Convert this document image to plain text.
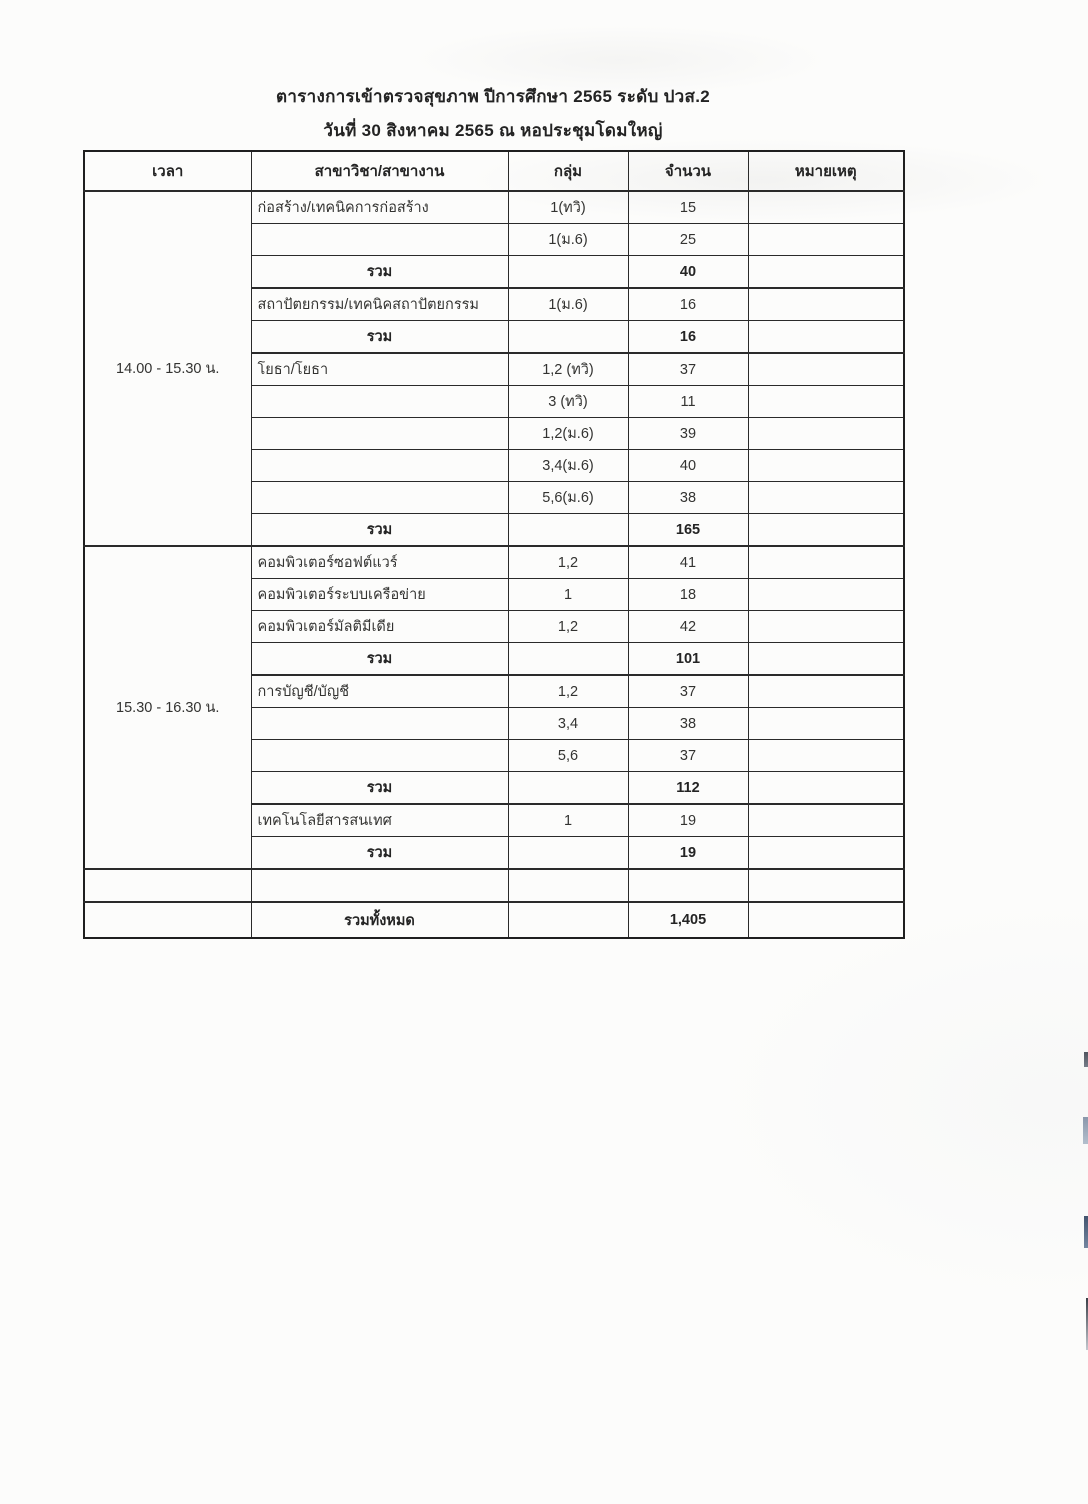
ตารางการเข้าตรวจสุขภาพ ปีการศึกษา 2565 ระดับ ปวส.2
วันที่ 30 สิงหาคม 2565 ณ หอประชุมโดมใหญ่
เวลา	สาขาวิชา/สาขางาน	กลุ่ม	จำนวน	หมายเหตุ
14.00 - 15.30 น.	ก่อสร้าง/เทคนิคการก่อสร้าง	1(ทวิ)	15	
		1(ม.6)	25	
	รวม		40	
	สถาปัตยกรรม/เทคนิคสถาปัตยกรรม	1(ม.6)	16	
	รวม		16	
	โยธา/โยธา	1,2 (ทวิ)	37	
		3 (ทวิ)	11	
		1,2(ม.6)	39	
		3,4(ม.6)	40	
		5,6(ม.6)	38	
	รวม		165	
15.30 - 16.30 น.	คอมพิวเตอร์ซอฟต์แวร์	1,2	41	
	คอมพิวเตอร์ระบบเครือข่าย	1	18	
	คอมพิวเตอร์มัลติมีเดีย	1,2	42	
	รวม		101	
	การบัญชี/บัญชี	1,2	37	
		3,4	38	
		5,6	37	
	รวม		112	
	เทคโนโลยีสารสนเทศ	1	19	
	รวม		19	

	รวมทั้งหมด		1,405	
